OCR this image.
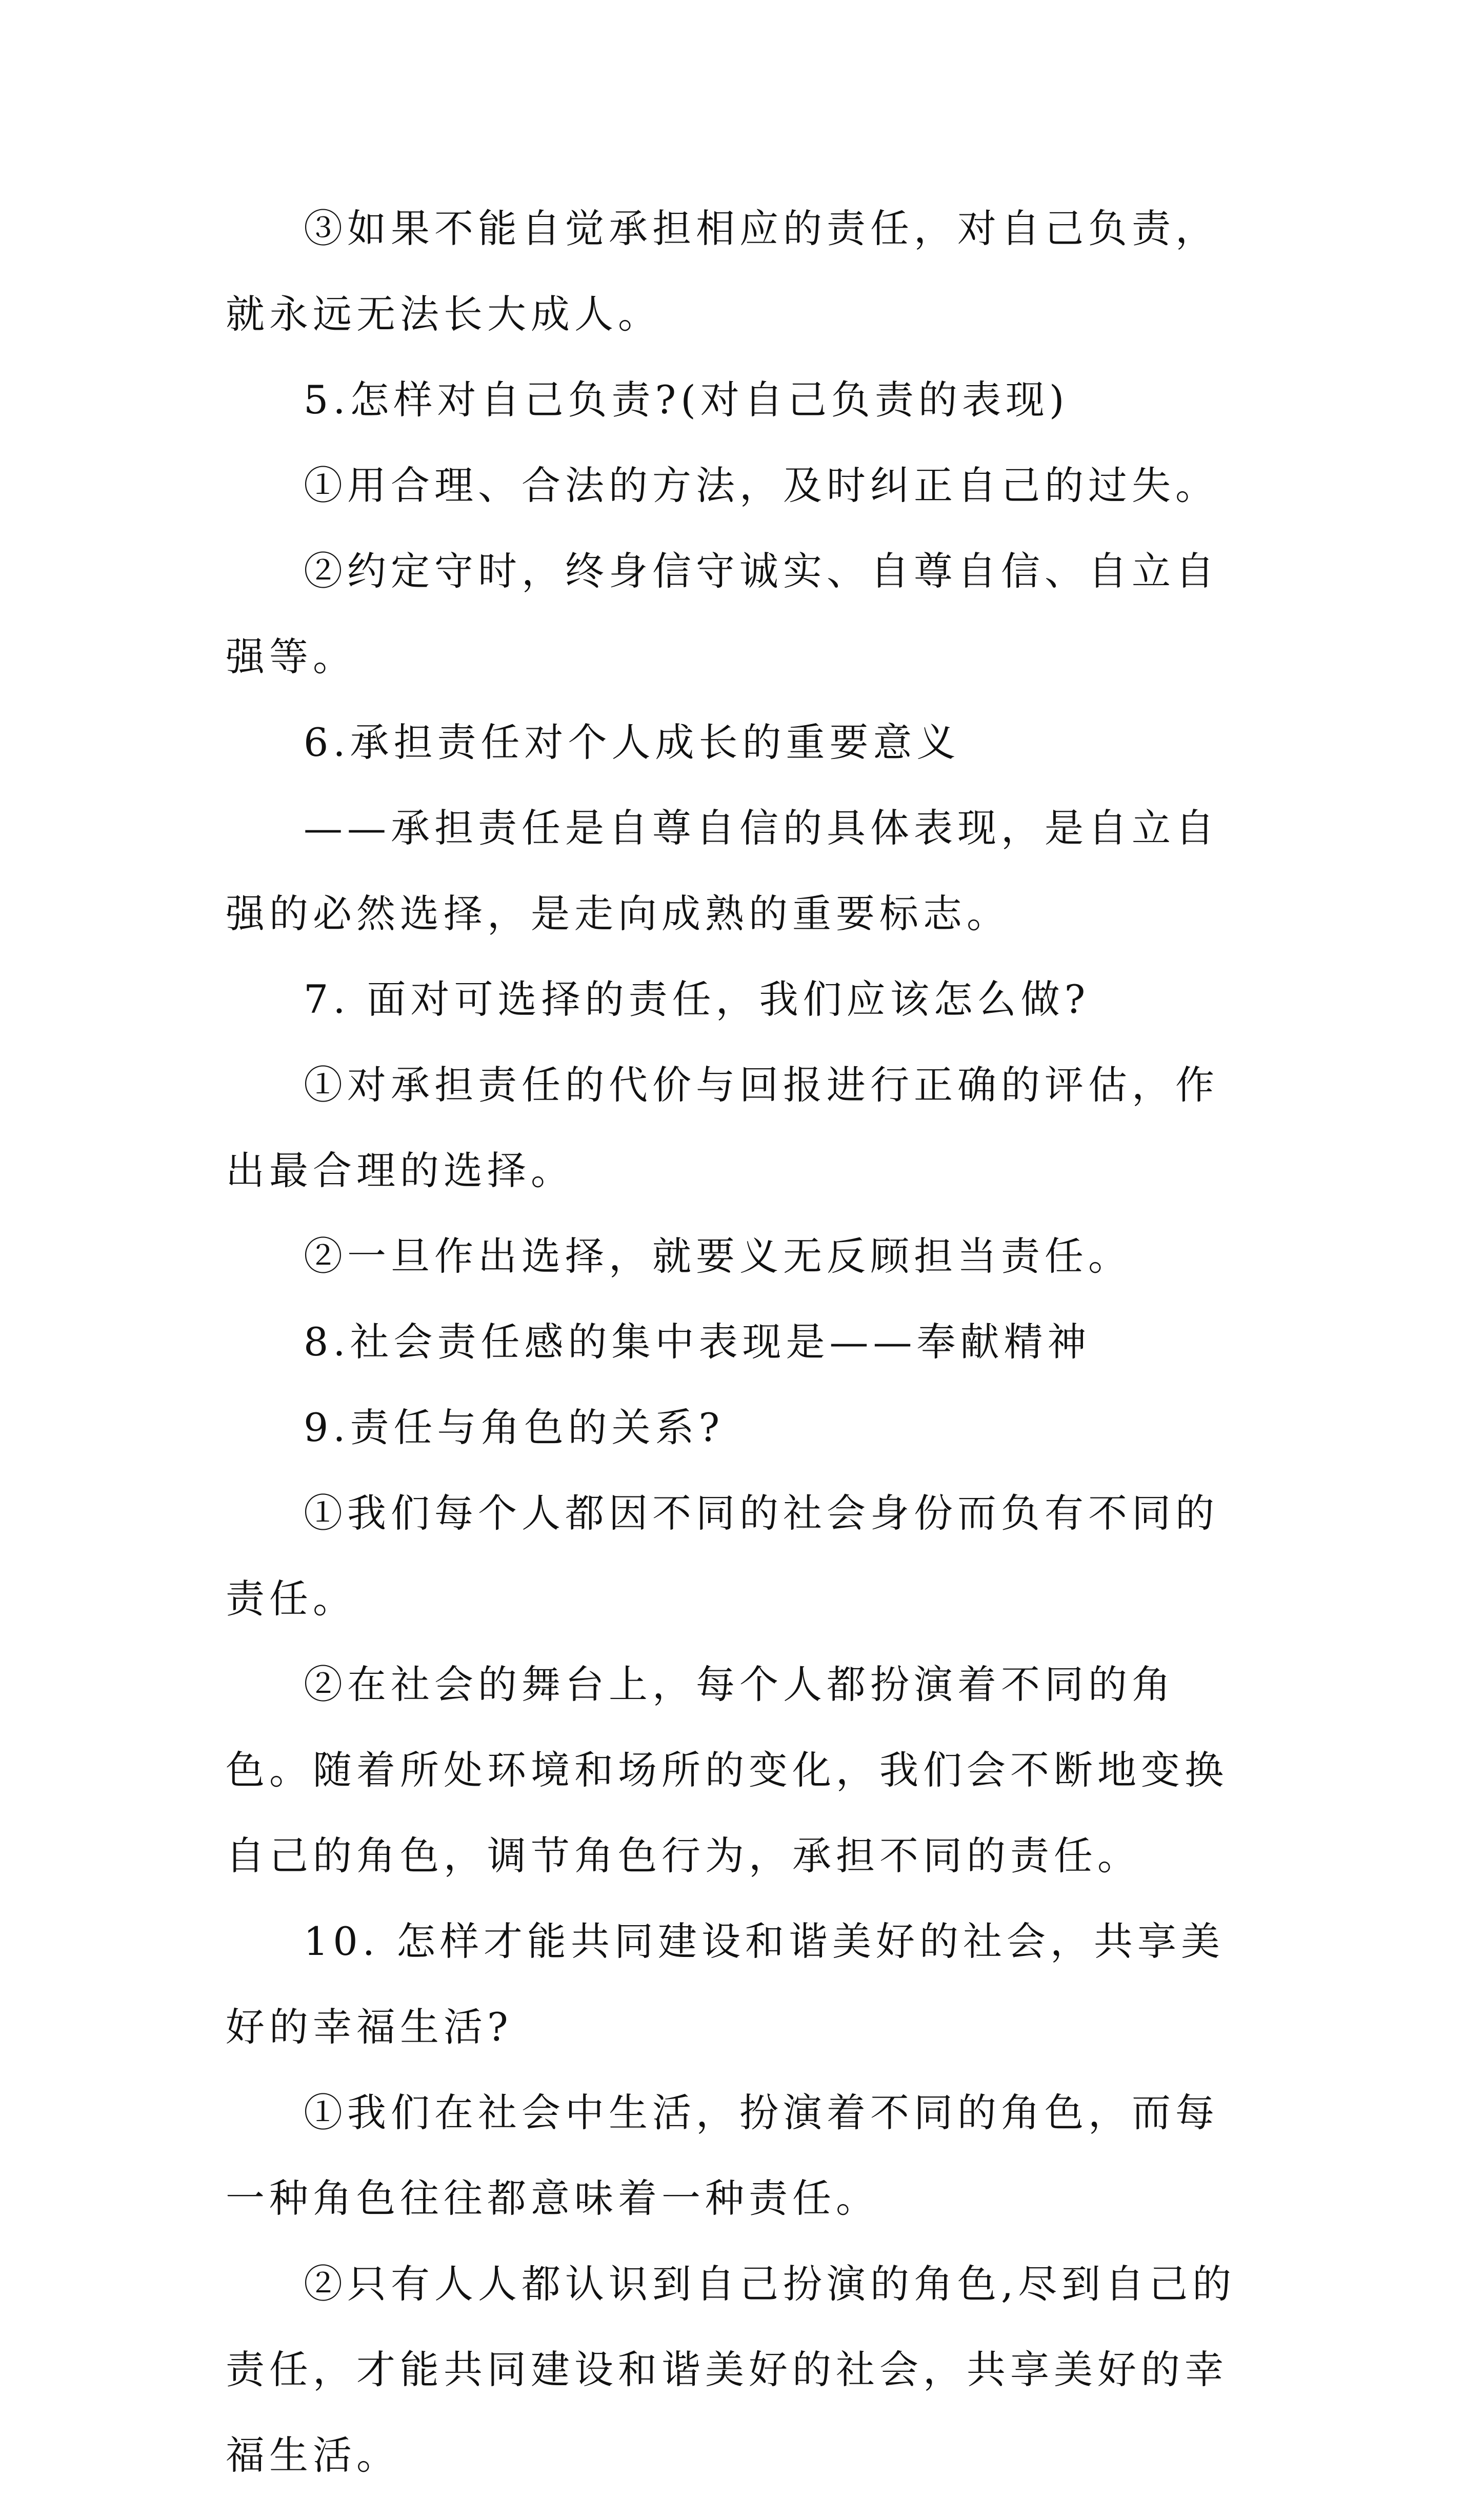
③如果不能自觉承担相应的责任，对自己负责，就永远无法长大成人。

5.怎样对自己负责?(对自己负责的表现)

①用合理、合法的方法，及时纠正自己的过失。

②约定守时，终身信守诚实、自尊自信、自立自强等。

6.承担责任对个人成长的重要意义

——承担责任是自尊自信的具体表现，是自立自强的必然选择，是走向成熟的重要标志。

7. 面对可选择的责任，我们应该怎么做?

①对承担责任的代价与回报进行正确的评估，作出最合理的选择。

②一旦作出选择，就要义无反顾担当责任。

8.社会责任感的集中表现是——奉献精神

9.责任与角色的关系?

①我们每个人都因不同的社会身份而负有不同的责任。

②在社会的舞台上，每个人都扮演着不同的角色。随着所处环境和场所的变化，我们会不断地变换自己的角色，调节角色行为，承担不同的责任。

10. 怎样才能共同建设和谐美好的社会，共享美好的幸福生活?

①我们在社会中生活，扮演着不同的角色，而每一种角色往往都意味着一种责任。

②只有人人都认识到自己扮演的角色,尽到自己的责任，才能共同建设和谐美好的社会，共享美好的幸福生活。
